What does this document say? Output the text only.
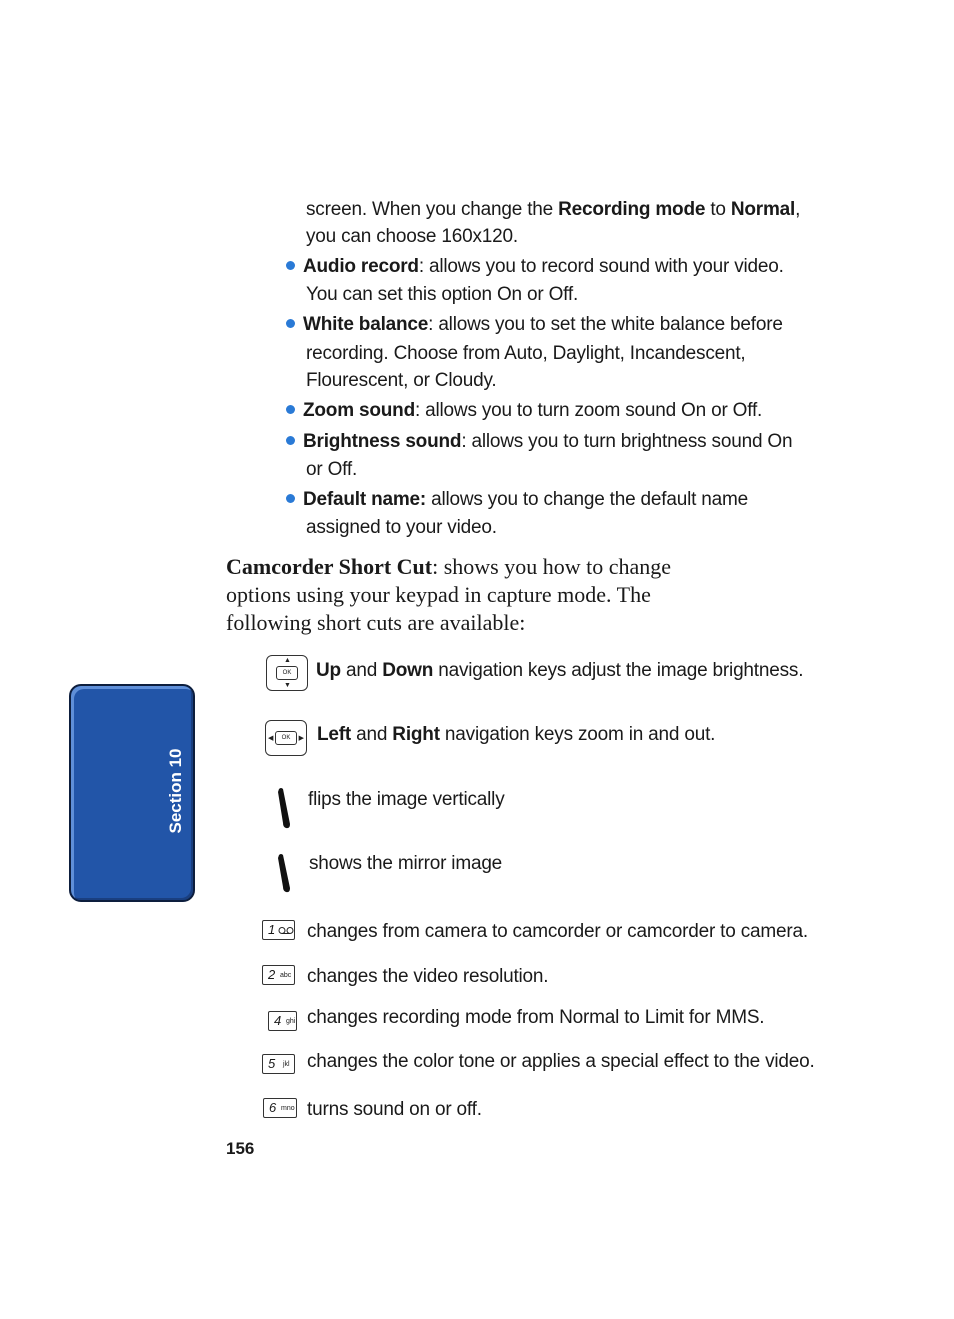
screen. When you change the Recording mode to Normal,
you can choose 160x120.
Audio record: allows you to record sound with your video.
You can set this option On or Off.
White balance: allows you to set the white balance before
recording. Choose from Auto, Daylight, Incandescent,
Flourescent, or Cloudy.
Zoom sound: allows you to turn zoom sound On or Off.
Brightness sound: allows you to turn brightness sound On
or Off.
Default name: allows you to change the default name
assigned to your video.
Camcorder Short Cut: shows you how to change
options using your keypad in capture mode. The
following short cuts are available:
▲
OK
▼
Up and Down navigation keys adjust the image brightness.
◀	OK	▶ Left and Right navigation keys zoom in and out.
flips the image vertically
shows the mirror image
1 changes from camera to camcorder or camcorder to camera.
2 abc changes the video resolution.
4 ghi changes recording mode from Normal to Limit for MMS.
5 jkl changes the color tone or applies a special effect to the video.
6 mno turns sound on or off.
Section 10
156
